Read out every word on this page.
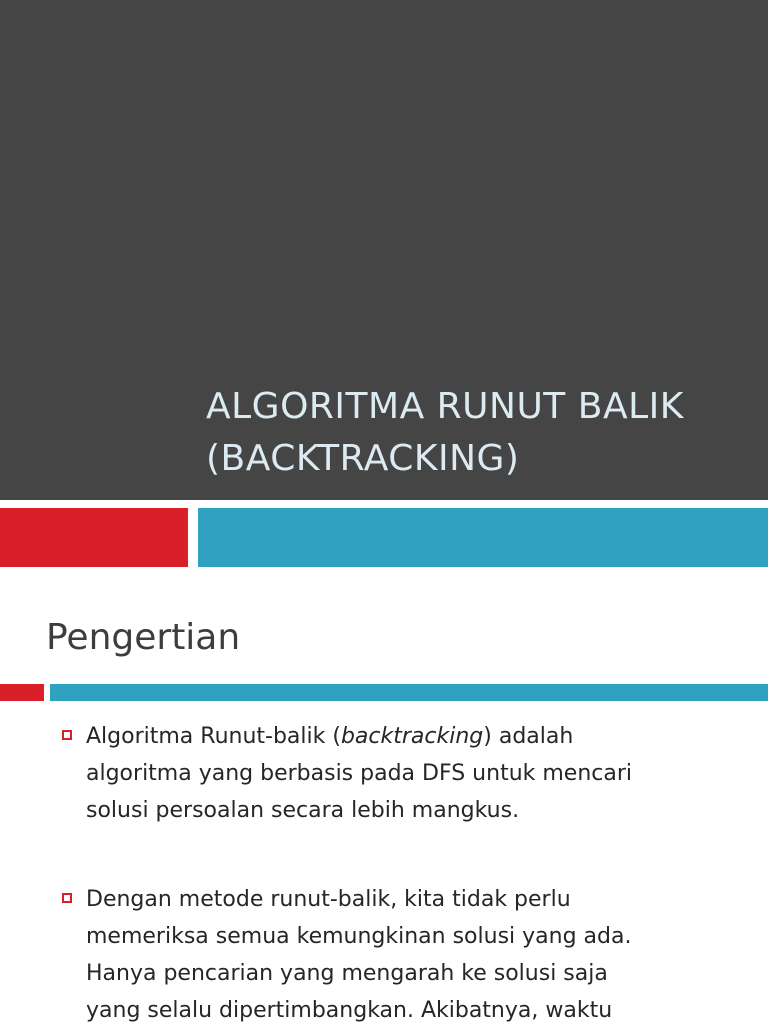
ALGORITMA RUNUT BALIK
(BACKTRACKING)
Pengertian
Algoritma Runut-balik (backtracking) adalah
algoritma yang berbasis pada DFS untuk mencari
solusi persoalan secara lebih mangkus.
Dengan metode runut-balik, kita tidak perlu
memeriksa semua kemungkinan solusi yang ada.
Hanya pencarian yang mengarah ke solusi saja
yang selalu dipertimbangkan. Akibatnya, waktu
